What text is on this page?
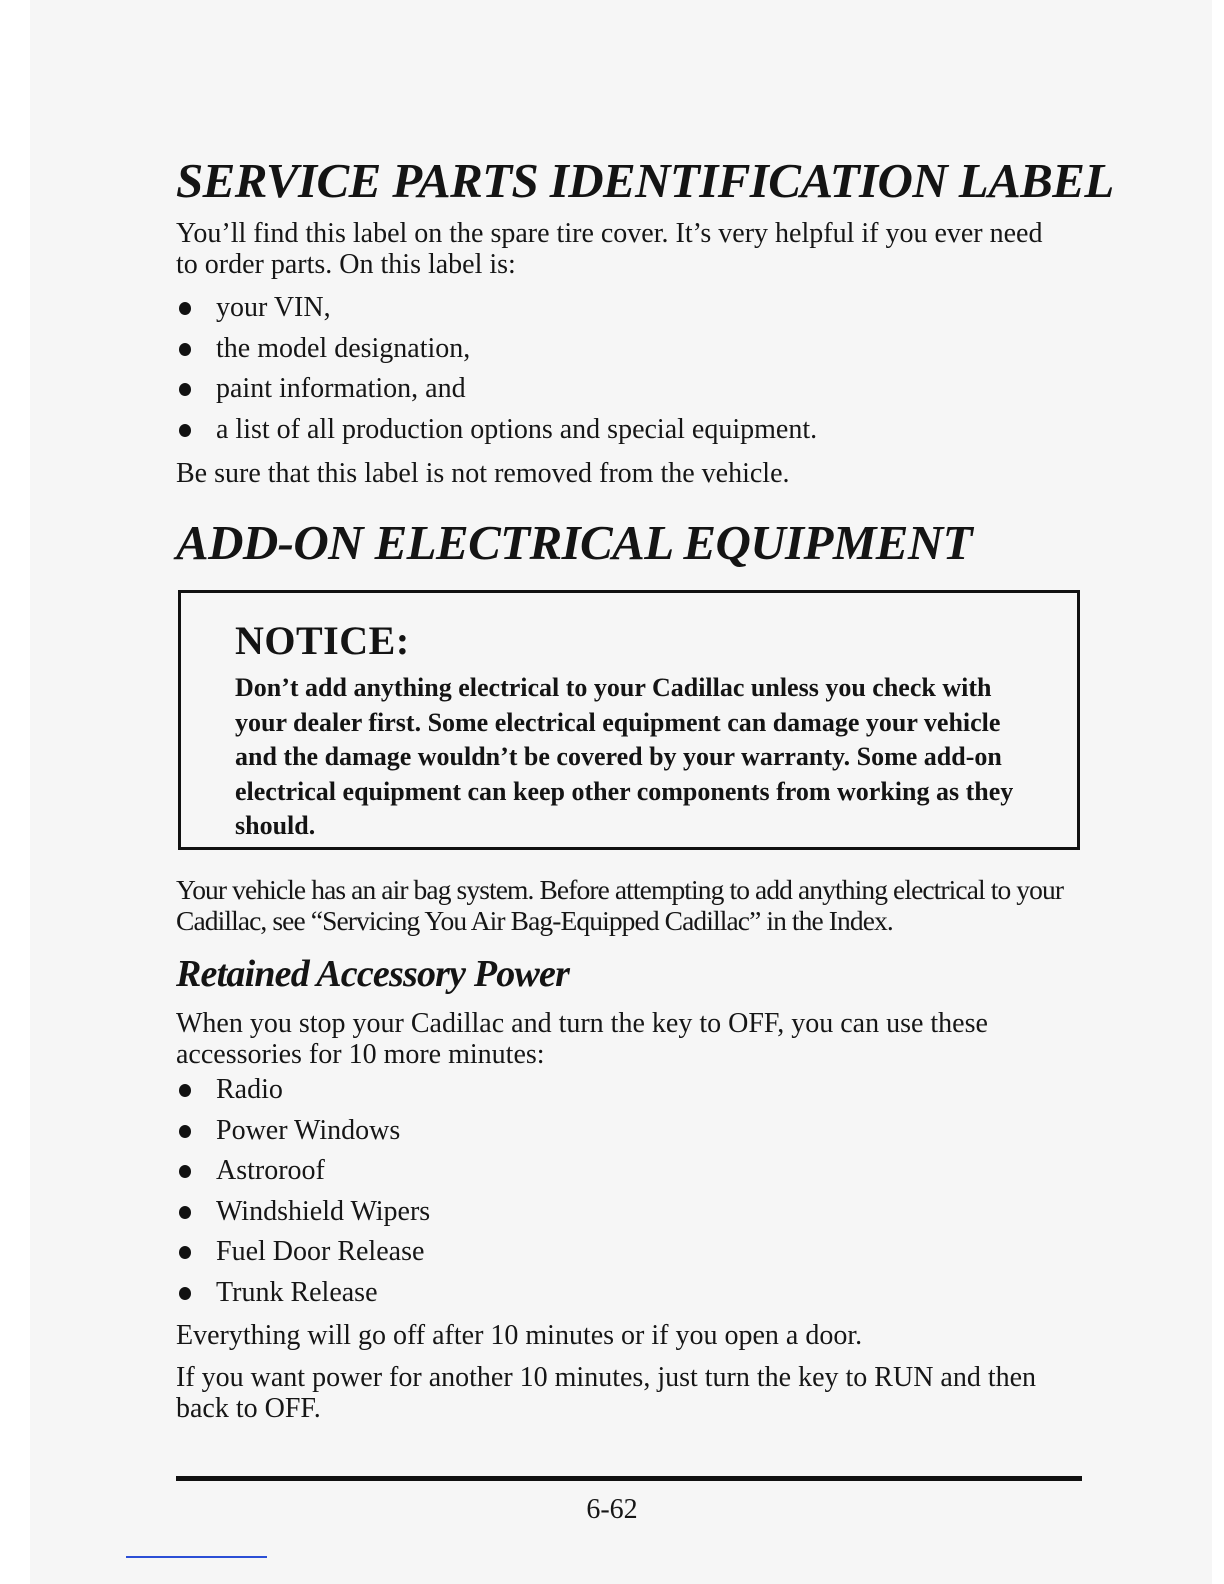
SERVICE PARTS IDENTIFICATION LABEL

You’ll find this label on the spare tire cover. It’s very helpful if you ever need to order parts. On this label is:

your VIN,
the model designation,
paint information, and
a list of all production options and special equipment.

Be sure that this label is not removed from the vehicle.

ADD-ON ELECTRICAL EQUIPMENT
NOTICE:
Don’t add anything electrical to your Cadillac unless you check with your dealer first. Some electrical equipment can damage your vehicle and the damage wouldn’t be covered by your warranty. Some add-on electrical equipment can keep other components from working as they should.

Your vehicle has an air bag system. Before attempting to add anything electrical to your Cadillac, see “Servicing You Air Bag-Equipped Cadillac” in the Index.

Retained Accessory Power

When you stop your Cadillac and turn the key to OFF, you can use these accessories for 10 more minutes:

Radio
Power Windows
Astroroof
Windshield Wipers
Fuel Door Release
Trunk Release

Everything will go off after 10 minutes or if you open a door.

If you want power for another 10 minutes, just turn the key to RUN and then back to OFF.

6-62
